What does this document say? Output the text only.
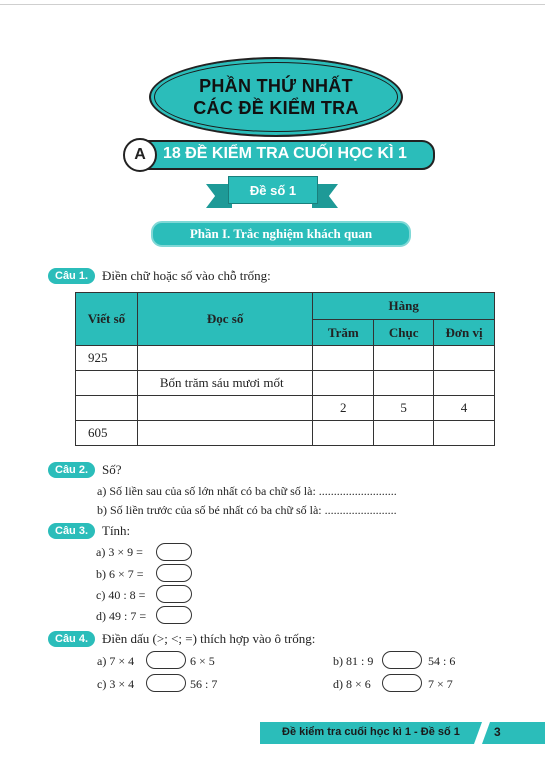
PHẦN THỨ NHẤT
CÁC ĐỀ KIỂM TRA
A	18 ĐỀ KIỂM TRA CUỐI HỌC KÌ 1
Đề số 1
Phần I. Trắc nghiệm khách quan
Câu 1.	Điền chữ hoặc số vào chỗ trống:
Viết số	Đọc số	Hàng		
		Trăm	Chục	Đơn vị
925				
	Bốn trăm sáu mươi mốt			
		2	5	4
605				
Câu 2.	Số?
a) Số liền sau của số lớn nhất có ba chữ số là: ..........................
b) Số liền trước của số bé nhất có ba chữ số là: ........................
Câu 3.	Tính:
a) 3 × 9 =
b) 6 × 7 =
c) 40 : 8 =
d) 49 : 7 =
Câu 4.	Điền dấu (>; <; =) thích hợp vào ô trống:
a) 7 × 4	6 × 5	b) 81 : 9	54 : 6
c) 3 × 4	56 : 7	d) 8 × 6	7 × 7
Đề kiểm tra cuối học kì 1 - Đề số 1	3
